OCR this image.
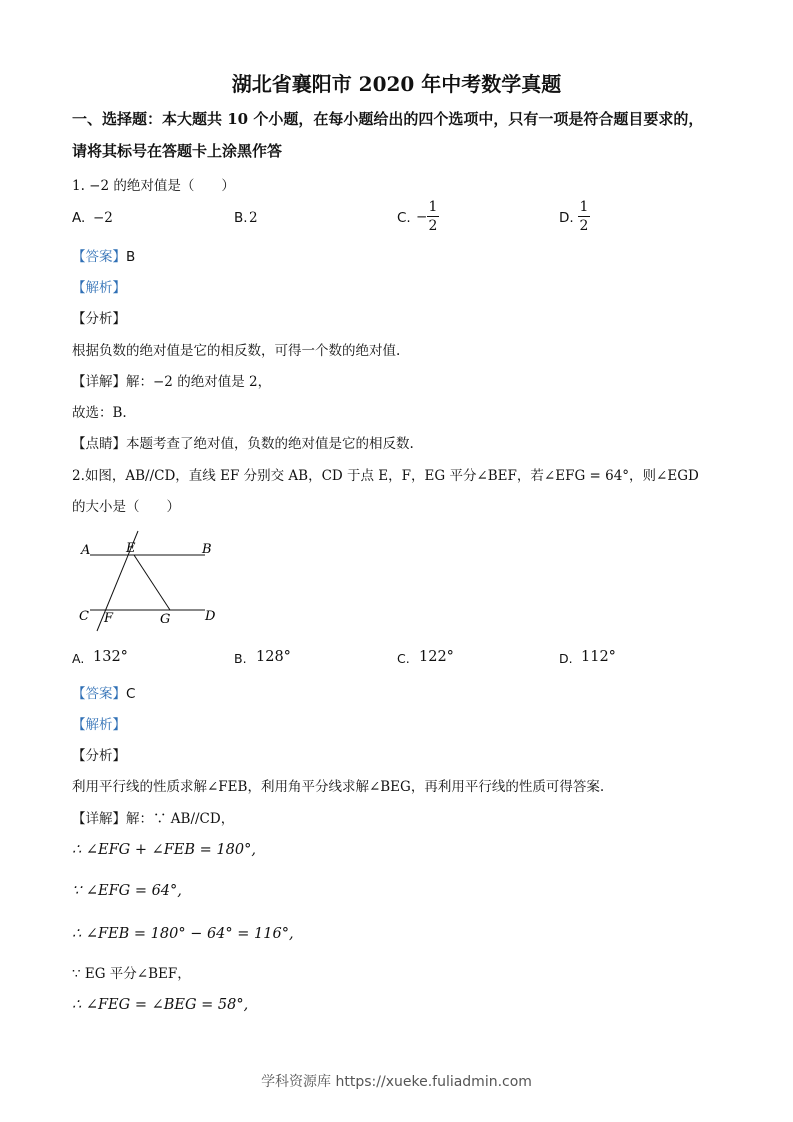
湖北省襄阳市 2020 年中考数学真题
一、选择题：本大题共 10 个小题，在每小题给出的四个选项中，只有一项是符合题目要求的，
请将其标号在答题卡上涂黑作答
1. −2 的绝对值是（　　）
A. −2	B. 2	C. −
1
2	D.
1
2
【答案】B
【解析】
【分析】
根据负数的绝对值是它的相反数，可得一个数的绝对值.
【详解】解：−2 的绝对值是 2，
故选：B.
【点睛】本题考查了绝对值，负数的绝对值是它的相反数.
2.如图，AB//CD，直线 EF 分别交 AB，CD 于点 E，F，EG 平分∠BEF，若∠EFG = 64°，则∠EGD
的大小是（　　）
A	E	B
C F	G	D
A. 132°	B. 128°	C. 122°	D. 112°
【答案】C
【解析】
【分析】
利用平行线的性质求解∠FEB，利用角平分线求解∠BEG，再利用平行线的性质可得答案.
【详解】解：∵ AB//CD，
∴ ∠EFG + ∠FEB = 180°,
∵ ∠EFG = 64°,
∴ ∠FEB = 180° − 64° = 116°,
∵ EG 平分∠BEF，
∴ ∠FEG = ∠BEG = 58°,
学科资源库 https://xueke.fuliadmin.com
